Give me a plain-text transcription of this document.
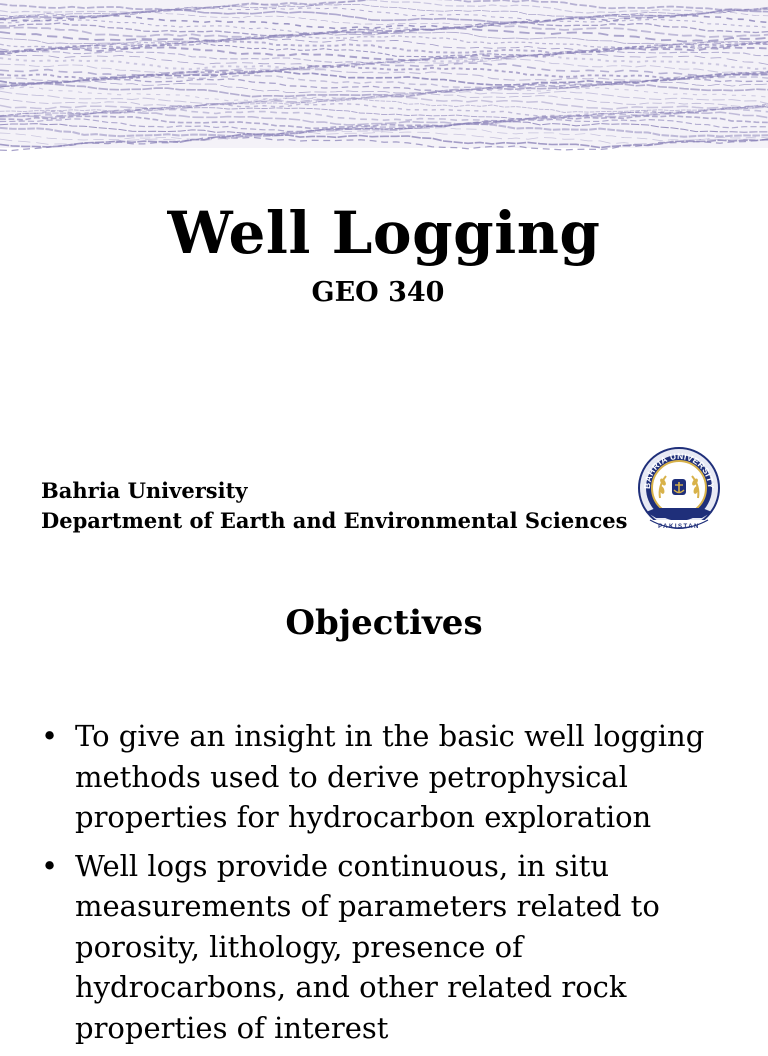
Well Logging
GEO 340
Bahria University
Department of Earth and Environmental Sciences
BAHRIA UNIVERSITY
PAKISTAN
Objectives
• To give an insight in the basic well logging methods used to derive petrophysical properties for hydrocarbon exploration
• Well logs provide continuous, in situ measurements of parameters related to porosity, lithology, presence of hydrocarbons, and other related rock properties of interest
